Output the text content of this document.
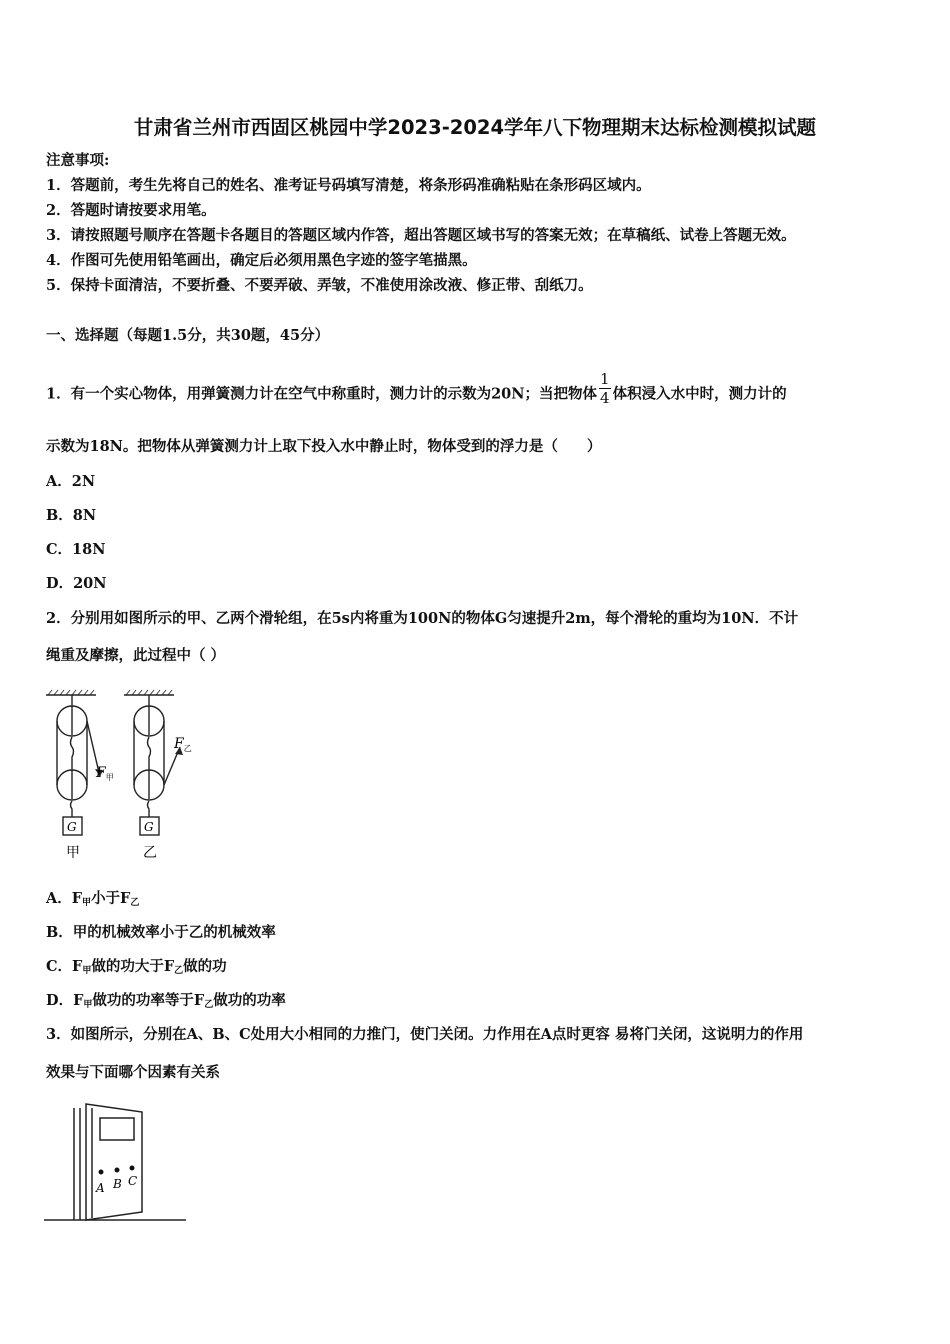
甘肃省兰州市西固区桃园中学2023-2024学年八下物理期末达标检测模拟试题
注意事项:
1．答题前，考生先将自己的姓名、准考证号码填写清楚，将条形码准确粘贴在条形码区域内。
2．答题时请按要求用笔。
3．请按照题号顺序在答题卡各题目的答题区域内作答，超出答题区域书写的答案无效；在草稿纸、试卷上答题无效。
4．作图可先使用铅笔画出，确定后必须用黑色字迹的签字笔描黑。
5．保持卡面清洁，不要折叠、不要弄破、弄皱，不准使用涂改液、修正带、刮纸刀。
一、选择题（每题1.5分，共30题，45分）
1．有一个实心物体，用弹簧测力计在空气中称重时，测力计的示数为20N；当把物体 $\frac{1}{4}$ 体积浸入水中时，测力计的
示数为18N。把物体从弹簧测力计上取下投入水中静止时，物体受到的浮力是（　　）
A．2N
B．8N
C．18N
D．20N
2．分别用如图所示的甲、乙两个滑轮组，在5s内将重为100N的物体G匀速提升2m，每个滑轮的重均为10N．不计
绳重及摩擦，此过程中（ ）
$F_甲$
$F_乙$
G	G
甲	乙
A．$F_甲$小于$F_乙$
B．甲的机械效率小于乙的机械效率
C．$F_甲$做的功大于$F_乙$做的功
D．$F_甲$做功的功率等于$F_乙$做功的功率
3．如图所示，分别在A、B、C处用大小相同的力推门，使门关闭。力作用在A点时更容 易将门关闭，这说明力的作用
效果与下面哪个因素有关系
A B C
